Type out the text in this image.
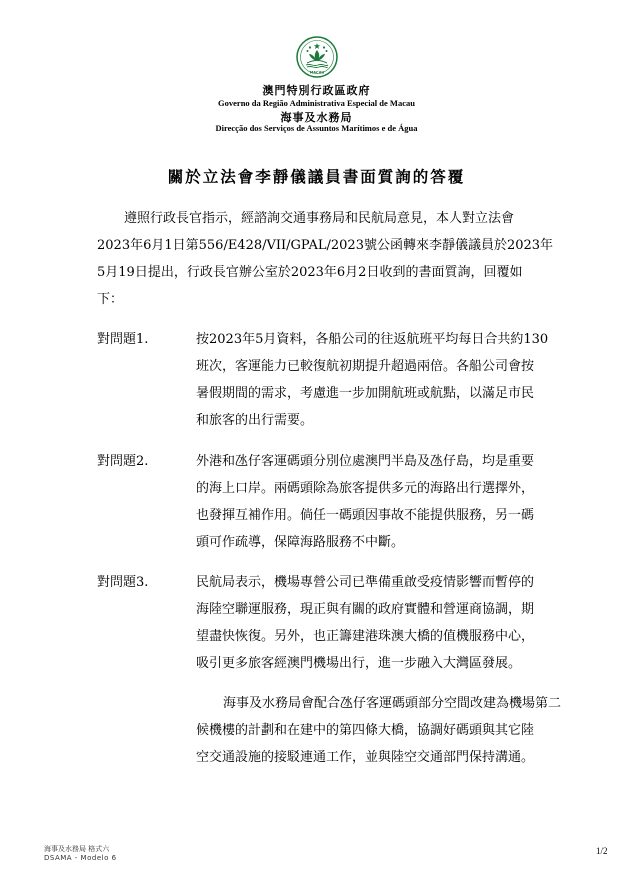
MACAU
澳門特別行政區政府
Governo da Região Administrativa Especial de Macau
海事及水務局
Direcção dos Serviços de Assuntos Marítimos e de Água
關於立法會李靜儀議員書面質詢的答覆
遵照行政長官指示，經諮詢交通事務局和民航局意見，本人對立法會
2023年6月1日第556/E428/VII/GPAL/2023號公函轉來李靜儀議員於2023年
5月19日提出，行政長官辦公室於2023年6月2日收到的書面質詢，回覆如
下：
對問題1.	按2023年5月資料，各船公司的往返航班平均每日合共約130
班次，客運能力已較復航初期提升超過兩倍。各船公司會按
暑假期間的需求，考慮進一步加開航班或航點，以滿足市民
和旅客的出行需要。
對問題2.	外港和氹仔客運碼頭分別位處澳門半島及氹仔島，均是重要
的海上口岸。兩碼頭除為旅客提供多元的海路出行選擇外，
也發揮互補作用。倘任一碼頭因事故不能提供服務，另一碼
頭可作疏導，保障海路服務不中斷。
對問題3.	民航局表示，機場專營公司已準備重啟受疫情影響而暫停的
海陸空聯運服務，現正與有關的政府實體和營運商協調，期
望盡快恢復。另外，也正籌建港珠澳大橋的值機服務中心，
吸引更多旅客經澳門機場出行，進一步融入大灣區發展。
海事及水務局會配合氹仔客運碼頭部分空間改建為機場第二
候機樓的計劃和在建中的第四條大橋，協調好碼頭與其它陸
空交通設施的接駁連通工作，並與陸空交通部門保持溝通。
海事及水務局 格式六
DSAMA - Modelo 6
1/2
